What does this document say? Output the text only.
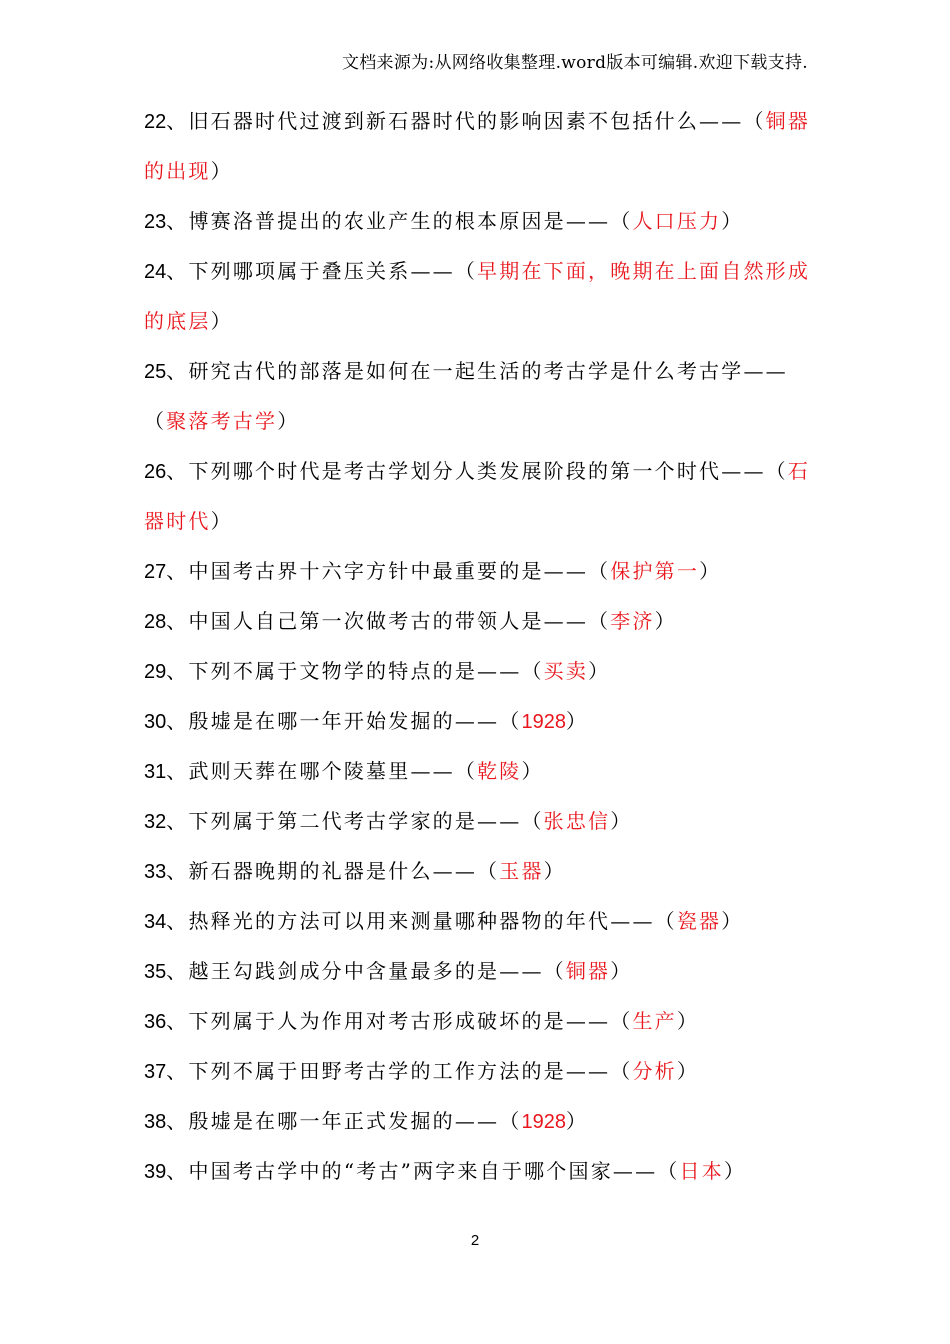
文档来源为:从网络收集整理.word版本可编辑.欢迎下载支持.
22、旧石器时代过渡到新石器时代的影响因素不包括什么——（铜器
的出现）
23、博赛洛普提出的农业产生的根本原因是——（人口压力）
24、下列哪项属于叠压关系——（早期在下面，晚期在上面自然形成
的底层）
25、研究古代的部落是如何在一起生活的考古学是什么考古学——
（聚落考古学）
26、下列哪个时代是考古学划分人类发展阶段的第一个时代——（石
器时代）
27、中国考古界十六字方针中最重要的是——（保护第一）
28、中国人自己第一次做考古的带领人是——（李济）
29、下列不属于文物学的特点的是——（买卖）
30、殷墟是在哪一年开始发掘的——（1928）
31、武则天葬在哪个陵墓里——（乾陵）
32、下列属于第二代考古学家的是——（张忠信）
33、新石器晚期的礼器是什么——（玉器）
34、热释光的方法可以用来测量哪种器物的年代——（瓷器）
35、越王勾践剑成分中含量最多的是——（铜器）
36、下列属于人为作用对考古形成破坏的是——（生产）
37、下列不属于田野考古学的工作方法的是——（分析）
38、殷墟是在哪一年正式发掘的——（1928）
39、中国考古学中的“考古”两字来自于哪个国家——（日本）
2
